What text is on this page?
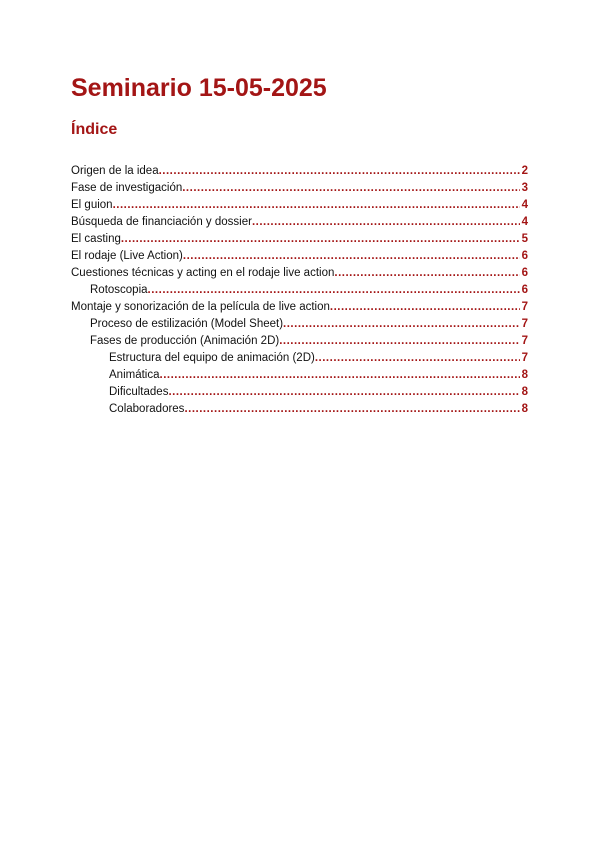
Seminario 15-05-2025
Índice
Origen de la idea .....	2
Fase de investigación .....	3
El guion .....	4
Búsqueda de financiación y dossier .....	4
El casting .....	5
El rodaje (Live Action) .....	6
Cuestiones técnicas y acting en el rodaje live action .....	6
Rotoscopia .....	6
Montaje y sonorización de la película de live action .....	7
Proceso de estilización (Model Sheet) .....	7
Fases de producción (Animación 2D) .....	7
Estructura del equipo de animación (2D) .....	7
Animática .....	8
Dificultades .....	8
Colaboradores .....	8
